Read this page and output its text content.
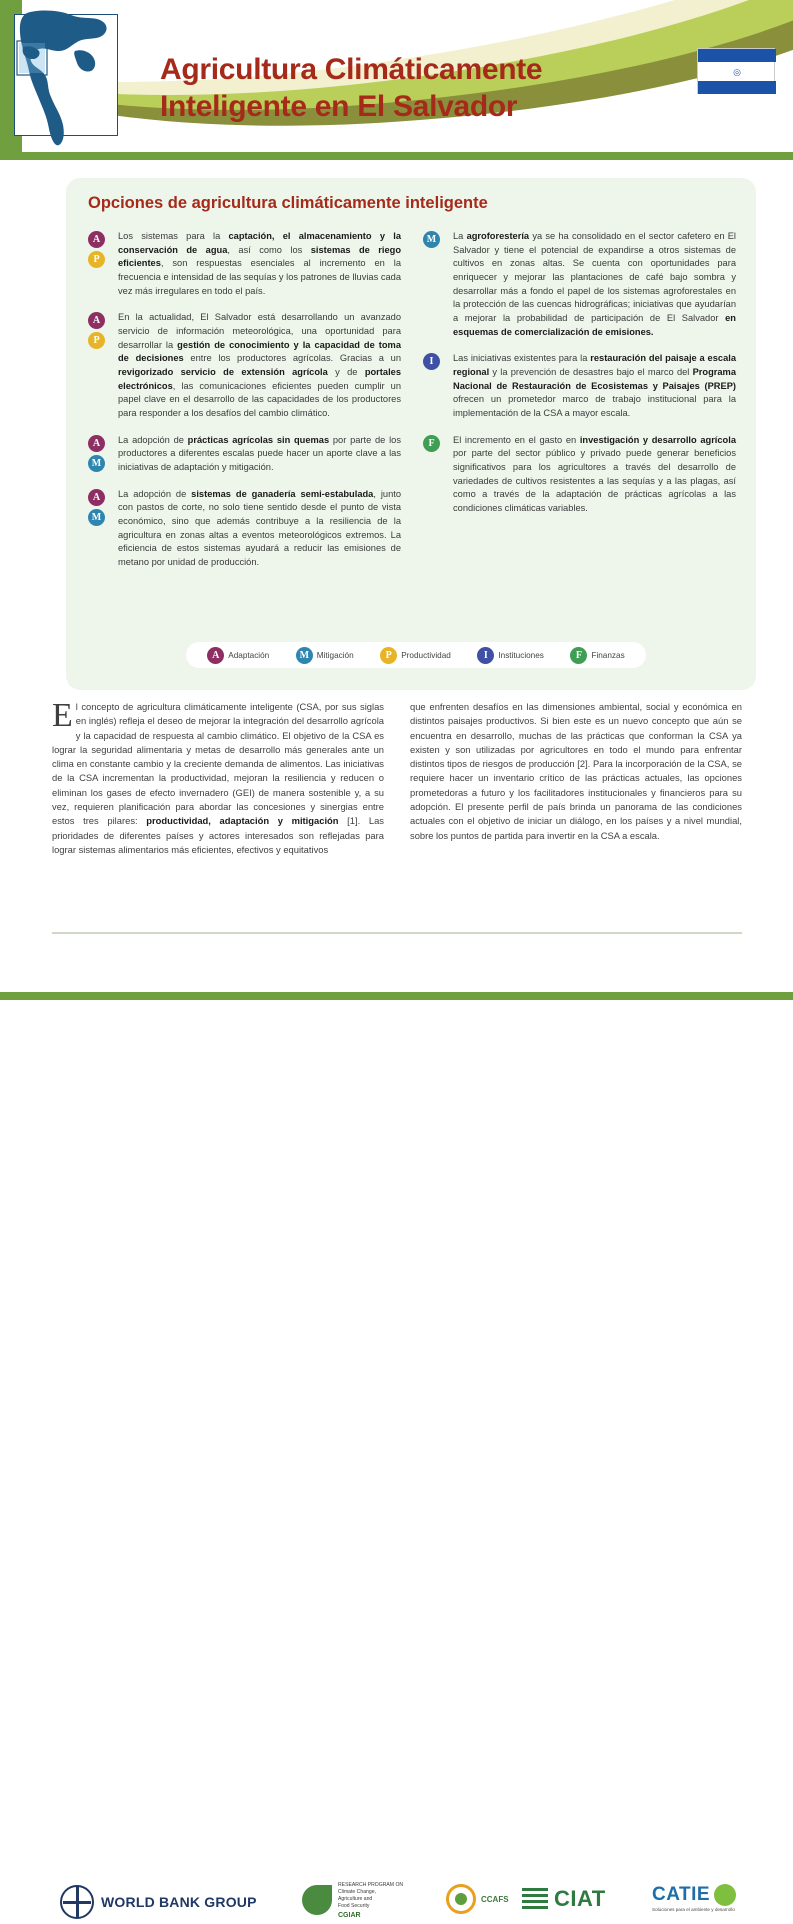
Agricultura Climáticamente
Inteligente en El Salvador
◎
Opciones de agricultura climáticamente inteligente
A
P
Los sistemas para la captación, el almacenamiento y la conservación de agua, así como los sistemas de riego eficientes, son respuestas esenciales al incremento en la frecuencia e intensidad de las sequías y los patrones de lluvias cada vez más irregulares en todo el país.
A
P
En la actualidad, El Salvador está desarrollando un avanzado servicio de información meteorológica, una oportunidad para desarrollar la gestión de conocimiento y la capacidad de toma de decisiones entre los productores agrícolas. Gracias a un revigorizado servicio de extensión agrícola y de portales electrónicos, las comunicaciones eficientes pueden cumplir un papel clave en el desarrollo de las capacidades de los productores para responder a los desafíos del cambio climático.
A
M
La adopción de prácticas agrícolas sin quemas por parte de los productores a diferentes escalas puede hacer un aporte clave a las iniciativas de adaptación y mitigación.
A
M
La adopción de sistemas de ganadería semi-estabulada, junto con pastos de corte, no solo tiene sentido desde el punto de vista económico, sino que además contribuye a la resiliencia de la agricultura en zonas altas a eventos meteorológicos extremos. La eficiencia de estos sistemas ayudará a reducir las emisiones de metano por unidad de producción.
M	La agroforestería ya se ha consolidado en el sector cafetero en El Salvador y tiene el potencial de expandirse a otros sistemas de cultivos en zonas altas. Se cuenta con oportunidades para enriquecer y mejorar las plantaciones de café bajo sombra y desarrollar más a fondo el papel de los sistemas agroforestales en la protección de las cuencas hidrográficas; iniciativas que ayudarían a mejorar la probabilidad de participación de El Salvador en esquemas de comercialización de emisiones.
I	Las iniciativas existentes para la restauración del paisaje a escala regional y la prevención de desastres bajo el marco del Programa Nacional de Restauración de Ecosistemas y Paisajes (PREP) ofrecen un prometedor marco de trabajo institucional para la implementación de la CSA a mayor escala.
F	El incremento en el gasto en investigación y desarrollo agrícola por parte del sector público y privado puede generar beneficios significativos para los agricultores a través del desarrollo de variedades de cultivos resistentes a las sequías y a las plagas, así como a través de la adaptación de prácticas agrícolas a las condiciones climáticas variables.
A	Adaptación	M Mitigación	P	Productividad	I	Instituciones	F	Finanzas
E l concepto de agricultura climáticamente inteligente (CSA, por sus siglas en inglés) refleja el deseo de mejorar la integración del desarrollo agrícola y la capacidad de respuesta al cambio climático. El objetivo de la CSA es lograr la seguridad alimentaria y metas de desarrollo más generales ante un clima en constante cambio y la creciente demanda de alimentos. Las iniciativas de la CSA incrementan la productividad, mejoran la resiliencia y reducen o eliminan los gases de efecto invernadero (GEI) de manera sostenible y, a su vez, requieren planificación para abordar las concesiones y sinergias entre estos tres pilares: productividad, adaptación y mitigación [1]. Las prioridades de diferentes países y actores interesados son reflejadas para lograr sistemas alimentarios más eficientes, efectivos y equitativos
que enfrenten desafíos en las dimensiones ambiental, social y económica en distintos paisajes productivos. Si bien este es un nuevo concepto que aún se encuentra en desarrollo, muchas de las prácticas que conforman la CSA ya existen y son utilizadas por agricultores en todo el mundo para enfrentar distintos tipos de riesgos de producción [2]. Para la incorporación de la CSA, se requiere hacer un inventario crítico de las prácticas actuales, las opciones prometedoras a futuro y los facilitadores institucionales y financieros para su adopción. El presente perfil de país brinda un panorama de las condiciones actuales con el objetivo de iniciar un diálogo, en los países y a nivel mundial, sobre los puntos de partida para invertir en la CSA a escala.
WORLD BANK GROUP
RESEARCH PROGRAM ON
Climate Change,
Agriculture and
Food Security
CGIAR
CCAFS CIAT CATIE
Soluciones para el ambiente y desarrollo
